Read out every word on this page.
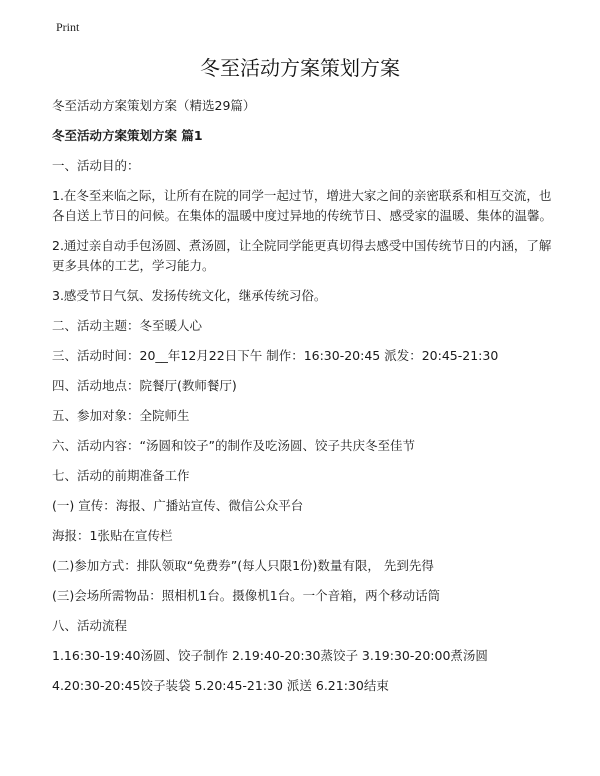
Print
冬至活动方案策划方案

冬至活动方案策划方案（精选29篇）

冬至活动方案策划方案 篇1

一、活动目的：

1.在冬至来临之际，让所有在院的同学一起过节，增进大家之间的亲密联系和相互交流，也各自送上节日的问候。在集体的温暖中度过异地的传统节日、感受家的温暖、集体的温馨。

2.通过亲自动手包汤圆、煮汤圆，让全院同学能更真切得去感受中国传统节日的内涵，了解更多具体的工艺，学习能力。

3.感受节日气氛、发扬传统文化，继承传统习俗。

二、活动主题：冬至暖人心

三、活动时间：20__年12月22日下午 制作：16:30-20:45 派发：20:45-21:30

四、活动地点：院餐厅(教师餐厅)

五、参加对象：全院师生

六、活动内容：“汤圆和饺子”的制作及吃汤圆、饺子共庆冬至佳节

七、活动的前期准备工作

(一) 宣传：海报、广播站宣传、微信公众平台

海报：1张贴在宣传栏

(二)参加方式：排队领取“免费券”(每人只限1份)数量有限， 先到先得

(三)会场所需物品：照相机1台。摄像机1台。一个音箱，两个移动话筒

八、活动流程

1.16:30-19:40汤圆、饺子制作 2.19:40-20:30蒸饺子 3.19:30-20:00煮汤圆

4.20:30-20:45饺子装袋 5.20:45-21:30 派送 6.21:30结束
